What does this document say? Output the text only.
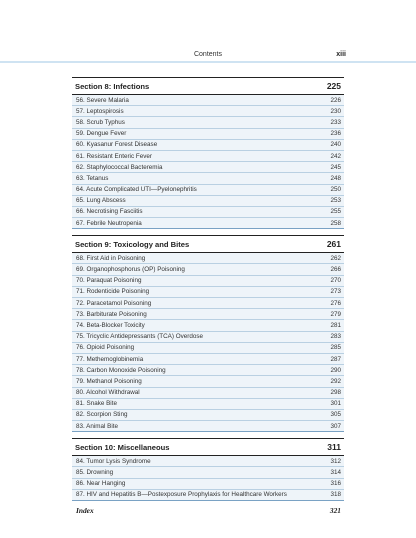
Contents	xiii
Section 8: Infections	225
56. Severe Malaria	226
57. Leptospirosis	230
58. Scrub Typhus	233
59. Dengue Fever	236
60. Kyasanur Forest Disease	240
61. Resistant Enteric Fever	242
62. Staphylococcal Bacteremia	245
63. Tetanus	248
64. Acute Complicated UTI—Pyelonephritis	250
65. Lung Abscess	253
66. Necrotising Fasciitis	255
67. Febrile Neutropenia	258
Section 9: Toxicology and Bites	261
68. First Aid in Poisoning	262
69. Organophosphorus (OP) Poisoning	266
70. Paraquat Poisoning	270
71. Rodenticide Poisoning	273
72. Paracetamol Poisoning	276
73. Barbiturate Poisoning	279
74. Beta-Blocker Toxicity	281
75. Tricyclic Antidepressants (TCA) Overdose	283
76. Opioid Poisoning	285
77. Methemoglobinemia	287
78. Carbon Monoxide Poisoning	290
79. Methanol Poisoning	292
80. Alcohol Withdrawal	298
81. Snake Bite	301
82. Scorpion Sting	305
83. Animal Bite	307
Section 10: Miscellaneous	311
84. Tumor Lysis Syndrome	312
85. Drowning	314
86. Near Hanging	316
87. HIV and Hepatitis B—Postexposure Prophylaxis for Healthcare Workers	318
Index	321
